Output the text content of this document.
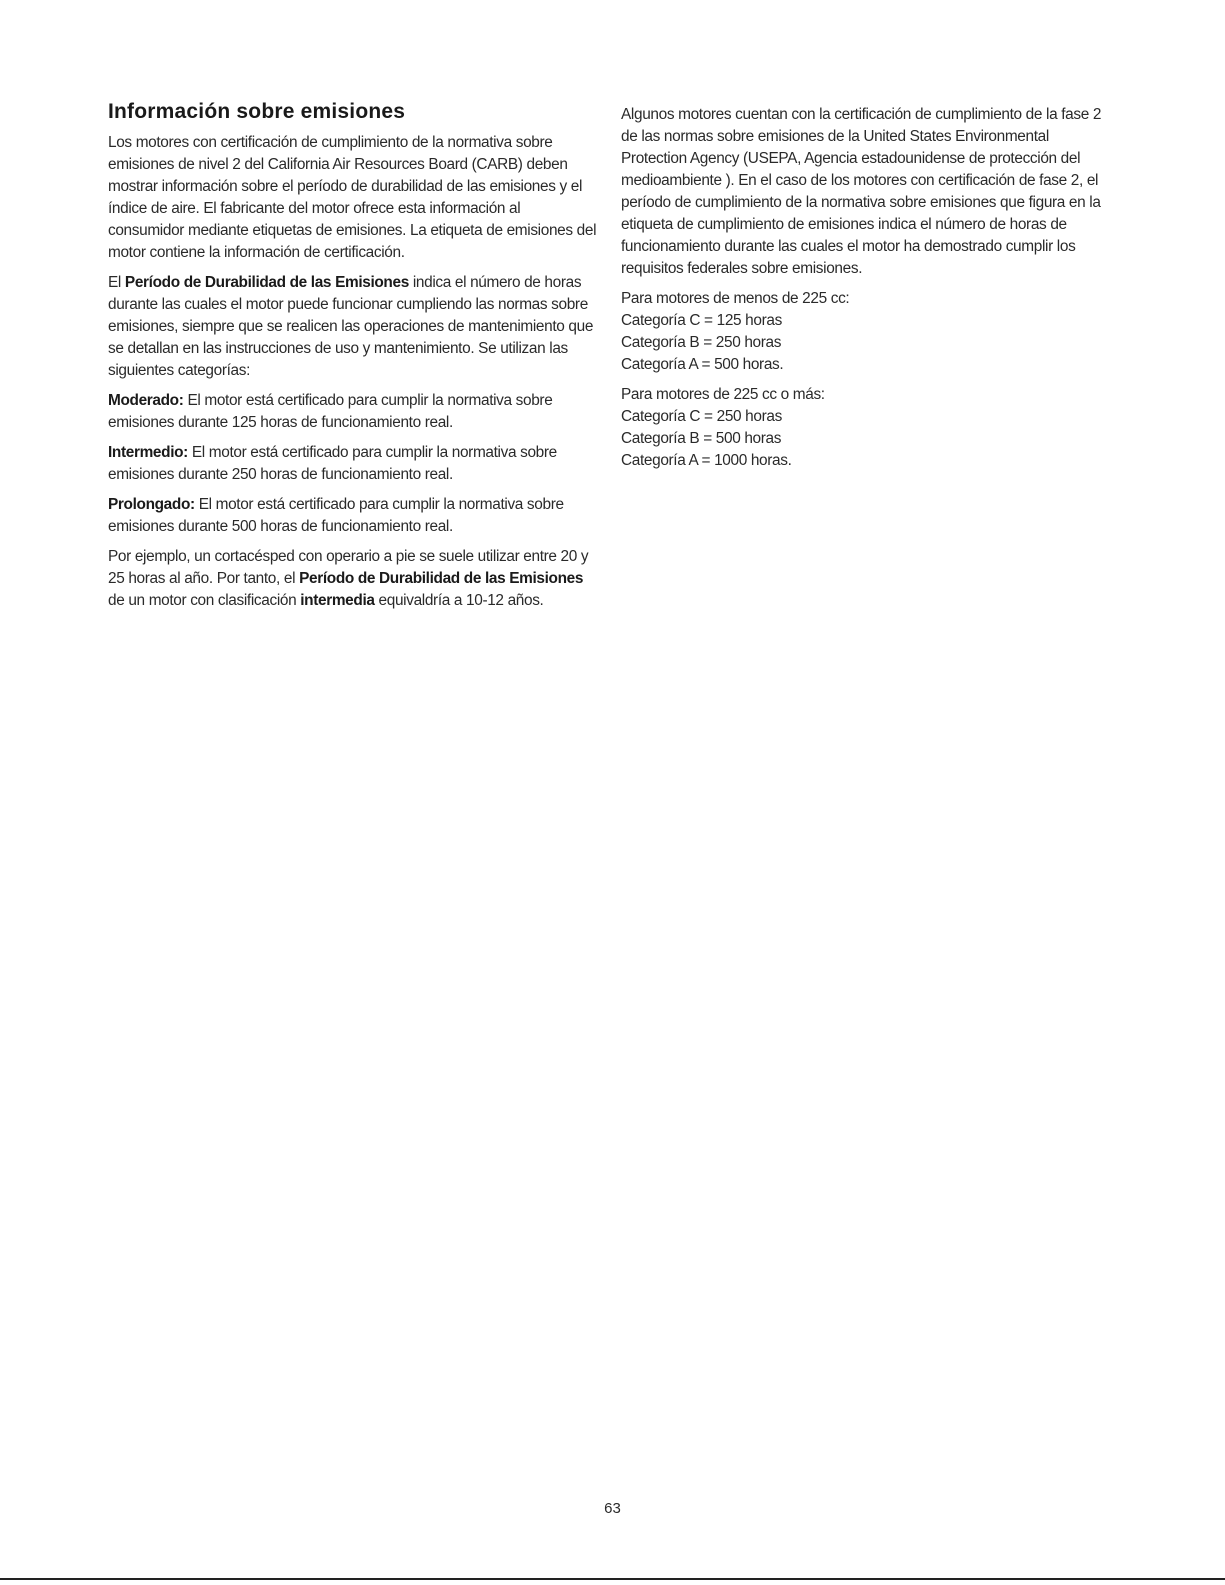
Información sobre emisiones

Los motores con certificación de cumplimiento de la normativa sobre emisiones de nivel 2 del California Air Resources Board (CARB) deben mostrar información sobre el período de durabilidad de las emisiones y el índice de aire. El fabricante del motor ofrece esta información al consumidor mediante etiquetas de emisiones. La etiqueta de emisiones del motor contiene la información de certificación.

El Período de Durabilidad de las Emisiones indica el número de horas durante las cuales el motor puede funcionar cumpliendo las normas sobre emisiones, siempre que se realicen las operaciones de mantenimiento que se detallan en las instrucciones de uso y mantenimiento. Se utilizan las siguientes categorías:

Moderado: El motor está certificado para cumplir la normativa sobre emisiones durante 125 horas de funcionamiento real.

Intermedio: El motor está certificado para cumplir la normativa sobre emisiones durante 250 horas de funcionamiento real.

Prolongado: El motor está certificado para cumplir la normativa sobre emisiones durante 500 horas de funcionamiento real.

Por ejemplo, un cortacésped con operario a pie se suele utilizar entre 20 y 25 horas al año. Por tanto, el Período de Durabilidad de las Emisiones de un motor con clasificación intermedia equivaldría a 10-12 años.

Algunos motores cuentan con la certificación de cumplimiento de la fase 2 de las normas sobre emisiones de la United States Environmental Protection Agency (USEPA, Agencia estadounidense de protección del medioambiente ). En el caso de los motores con certificación de fase 2, el período de cumplimiento de la normativa sobre emisiones que figura en la etiqueta de cumplimiento de emisiones indica el número de horas de funcionamiento durante las cuales el motor ha demostrado cumplir los requisitos federales sobre emisiones.

Para motores de menos de 225 cc:
Categoría C = 125 horas
Categoría B = 250 horas
Categoría A = 500 horas.

Para motores de 225 cc o más:
Categoría C = 250 horas
Categoría B = 500 horas
Categoría A = 1000 horas.

63
